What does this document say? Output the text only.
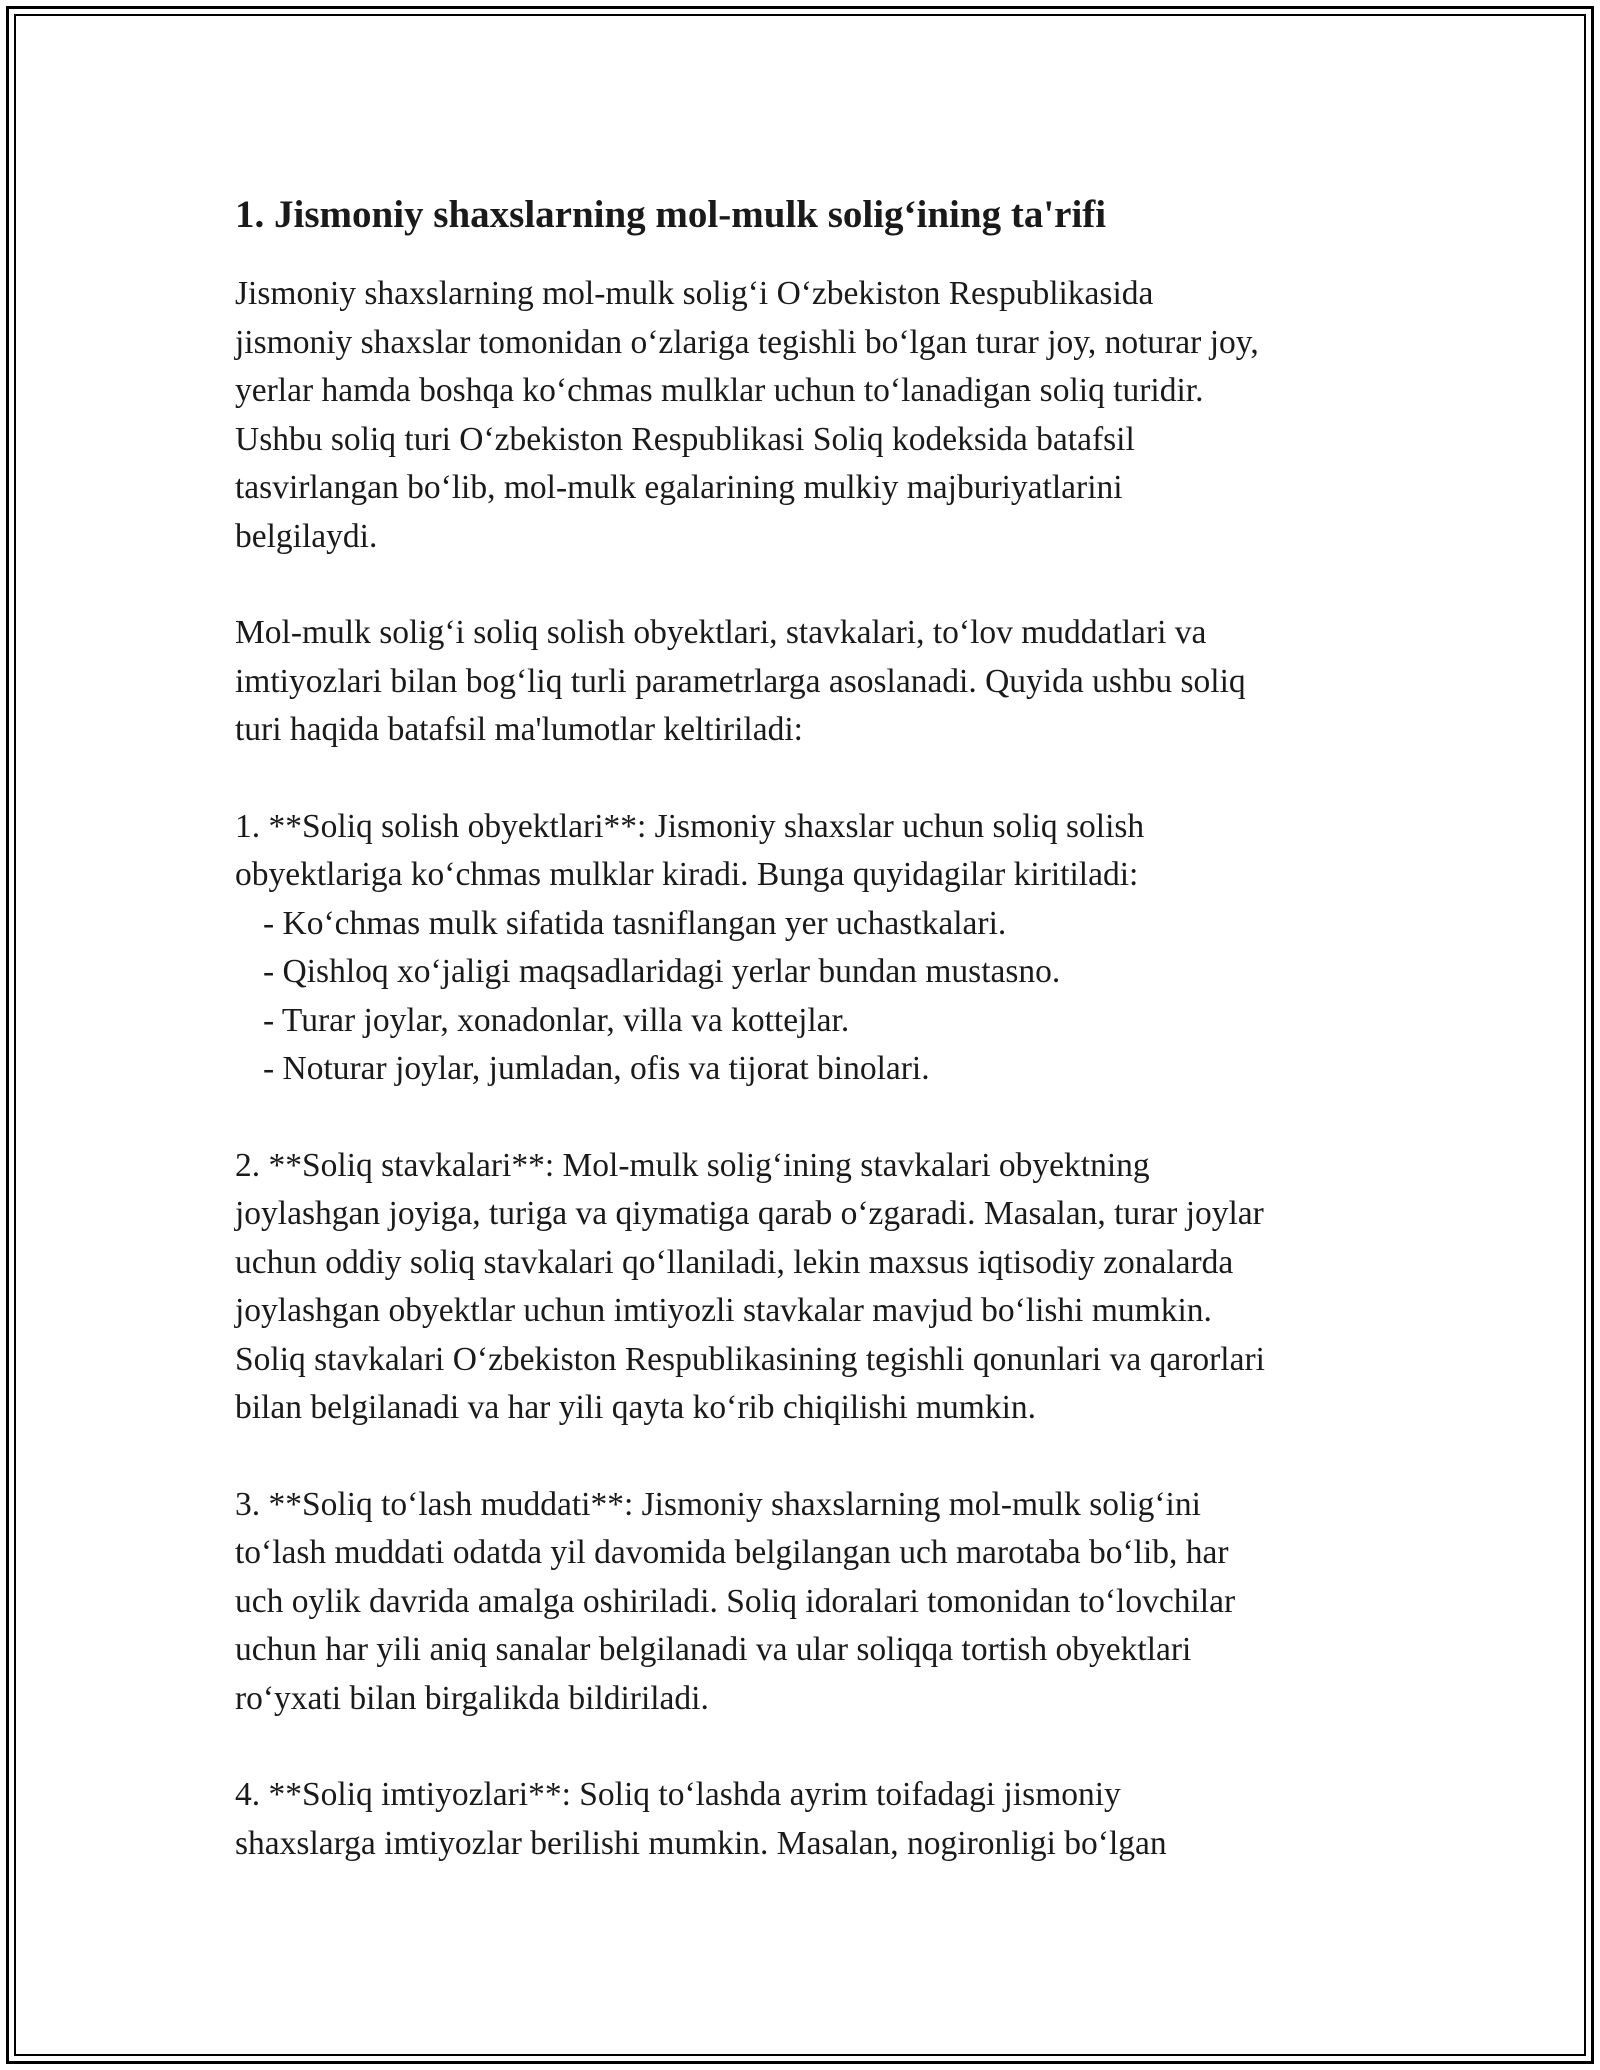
1. Jismoniy shaxslarning mol-mulk solig‘ining ta'rifi

Jismoniy shaxslarning mol-mulk solig‘i O‘zbekiston Respublikasida
jismoniy shaxslar tomonidan o‘zlariga tegishli bo‘lgan turar joy, noturar joy,
yerlar hamda boshqa ko‘chmas mulklar uchun to‘lanadigan soliq turidir.
Ushbu soliq turi O‘zbekiston Respublikasi Soliq kodeksida batafsil
tasvirlangan bo‘lib, mol-mulk egalarining mulkiy majburiyatlarini
belgilaydi.

Mol-mulk solig‘i soliq solish obyektlari, stavkalari, to‘lov muddatlari va
imtiyozlari bilan bog‘liq turli parametrlarga asoslanadi. Quyida ushbu soliq
turi haqida batafsil ma'lumotlar keltiriladi:

1. **Soliq solish obyektlari**: Jismoniy shaxslar uchun soliq solish
obyektlariga ko‘chmas mulklar kiradi. Bunga quyidagilar kiritiladi:
- Ko‘chmas mulk sifatida tasniflangan yer uchastkalari.
- Qishloq xo‘jaligi maqsadlaridagi yerlar bundan mustasno.
- Turar joylar, xonadonlar, villa va kottejlar.
- Noturar joylar, jumladan, ofis va tijorat binolari.
2. **Soliq stavkalari**: Mol-mulk solig‘ining stavkalari obyektning
joylashgan joyiga, turiga va qiymatiga qarab o‘zgaradi. Masalan, turar joylar
uchun oddiy soliq stavkalari qo‘llaniladi, lekin maxsus iqtisodiy zonalarda
joylashgan obyektlar uchun imtiyozli stavkalar mavjud bo‘lishi mumkin.
Soliq stavkalari O‘zbekiston Respublikasining tegishli qonunlari va qarorlari
bilan belgilanadi va har yili qayta ko‘rib chiqilishi mumkin.
3. **Soliq to‘lash muddati**: Jismoniy shaxslarning mol-mulk solig‘ini
to‘lash muddati odatda yil davomida belgilangan uch marotaba bo‘lib, har
uch oylik davrida amalga oshiriladi. Soliq idoralari tomonidan to‘lovchilar
uchun har yili aniq sanalar belgilanadi va ular soliqqa tortish obyektlari
ro‘yxati bilan birgalikda bildiriladi.
4. **Soliq imtiyozlari**: Soliq to‘lashda ayrim toifadagi jismoniy
shaxslarga imtiyozlar berilishi mumkin. Masalan, nogironligi bo‘lgan
